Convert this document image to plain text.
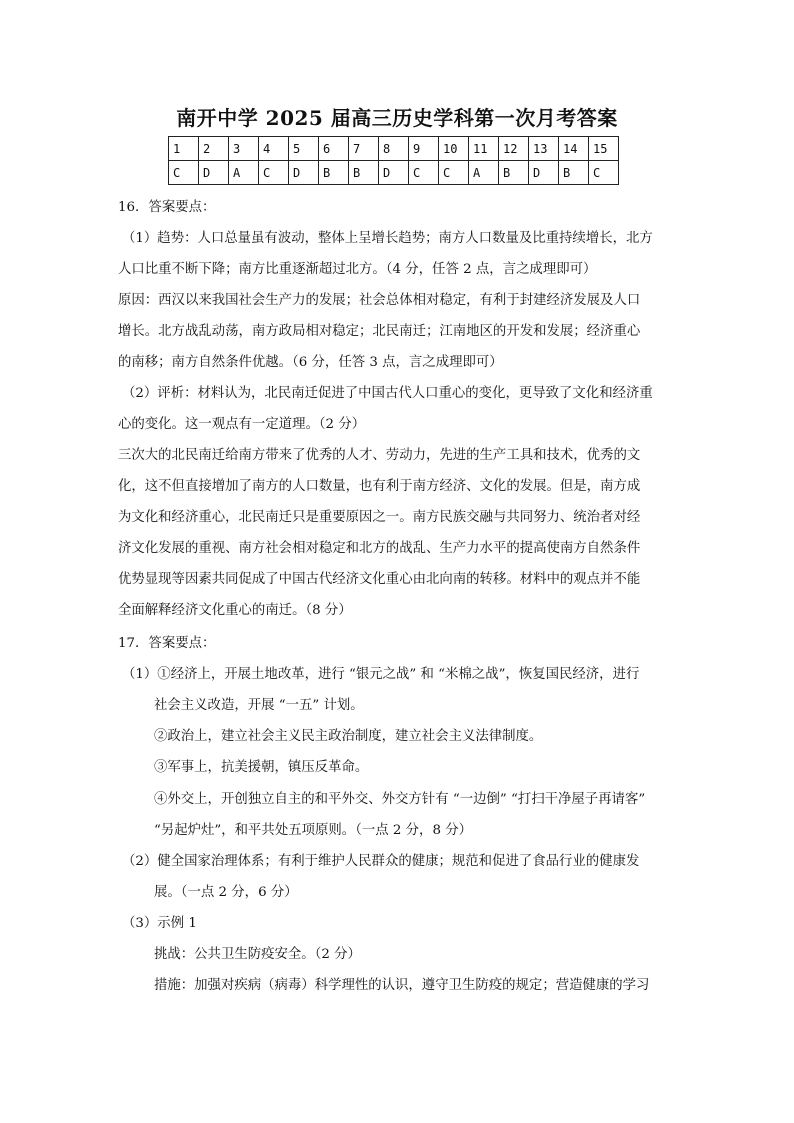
南开中学 2025 届高三历史学科第一次月考答案
1	2	3	4	5	6	7	8	9	10	11	12	13	14	15
C	D	A	C	D	B	B	D	C	C	A	B	D	B	C
16．答案要点：
（1）趋势：人口总量虽有波动，整体上呈增长趋势；南方人口数量及比重持续增长，北方
人口比重不断下降；南方比重逐渐超过北方。（4 分，任答 2 点，言之成理即可）
原因：西汉以来我国社会生产力的发展；社会总体相对稳定，有利于封建经济发展及人口
增长。北方战乱动荡，南方政局相对稳定；北民南迁；江南地区的开发和发展；经济重心
的南移；南方自然条件优越。（6 分，任答 3 点，言之成理即可）
（2）评析：材料认为，北民南迁促进了中国古代人口重心的变化，更导致了文化和经济重
心的变化。这一观点有一定道理。（2 分）
三次大的北民南迁给南方带来了优秀的人才、劳动力，先进的生产工具和技术，优秀的文
化，这不但直接增加了南方的人口数量，也有利于南方经济、文化的发展。但是，南方成
为文化和经济重心，北民南迁只是重要原因之一。南方民族交融与共同努力、统治者对经
济文化发展的重视、南方社会相对稳定和北方的战乱、生产力水平的提高使南方自然条件
优势显现等因素共同促成了中国古代经济文化重心由北向南的转移。材料中的观点并不能
全面解释经济文化重心的南迁。（8 分）
17．答案要点：
（1）①经济上，开展土地改革，进行 “银元之战” 和 “米棉之战”，恢复国民经济，进行
社会主义改造，开展 “一五” 计划。
②政治上，建立社会主义民主政治制度，建立社会主义法律制度。
③军事上，抗美援朝，镇压反革命。
④外交上，开创独立自主的和平外交、外交方针有 “一边倒” “打扫干净屋子再请客”
“另起炉灶”，和平共处五项原则。（一点 2 分，8 分）
（2）健全国家治理体系；有利于维护人民群众的健康；规范和促进了食品行业的健康发
展。（一点 2 分，6 分）
（3）示例 1
挑战：公共卫生防疫安全。（2 分）
措施：加强对疾病（病毒）科学理性的认识，遵守卫生防疫的规定；营造健康的学习
